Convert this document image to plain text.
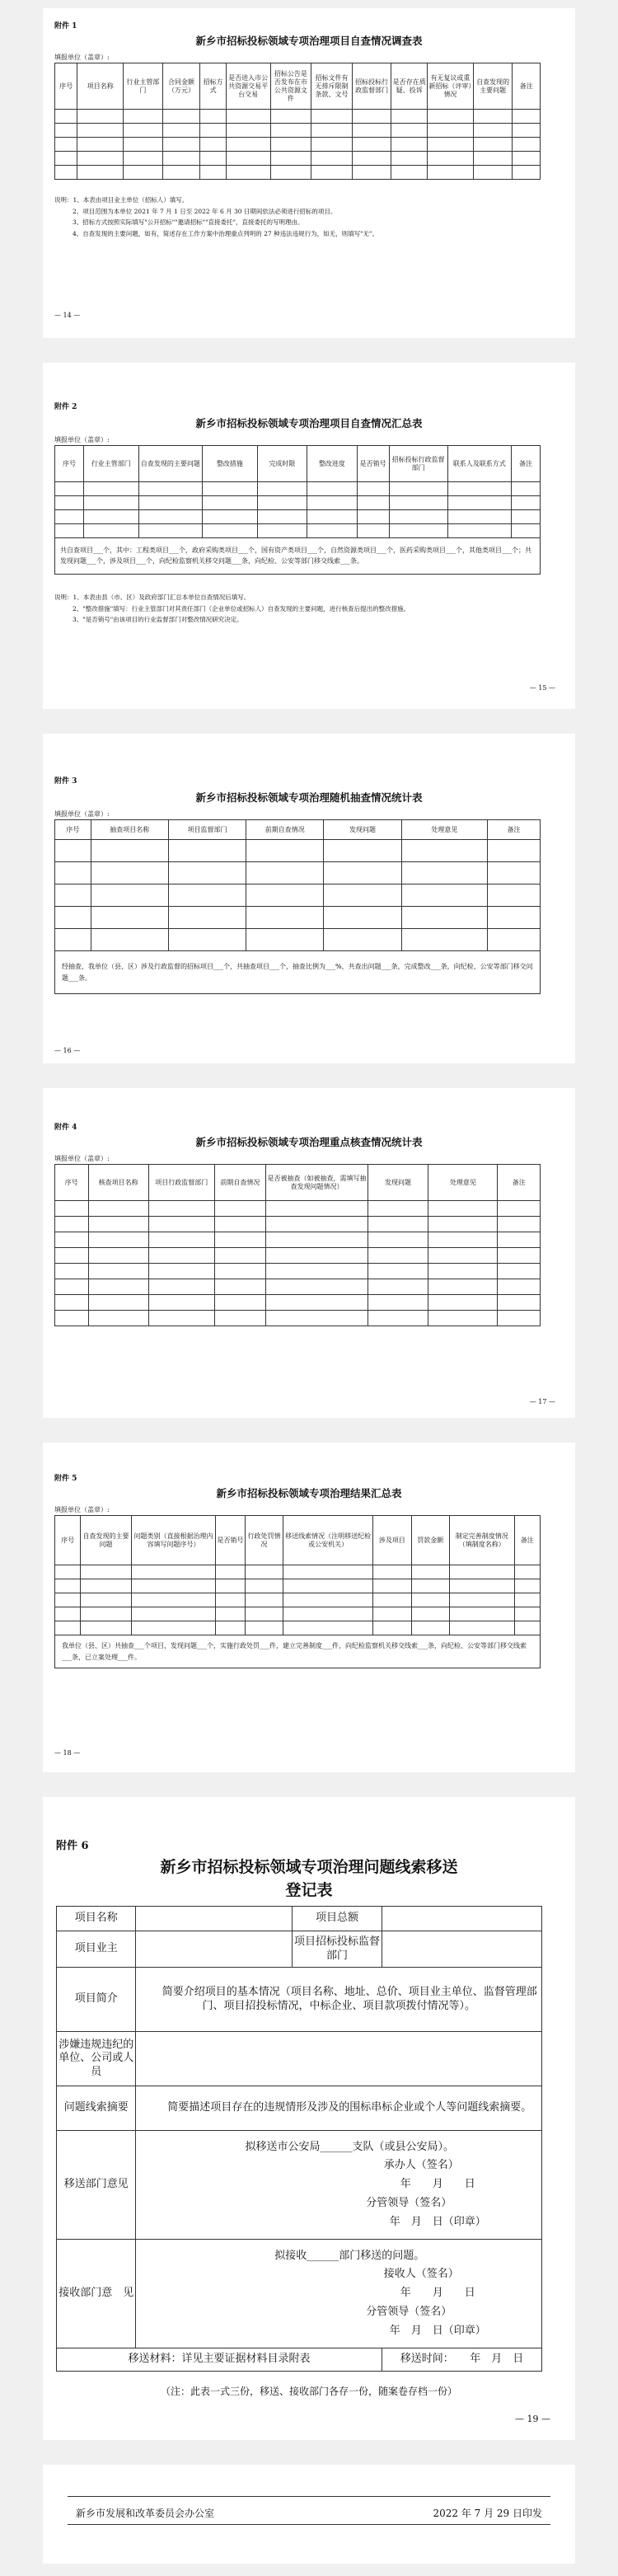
附件 1
新乡市招标投标领域专项治理项目自查情况调查表
填报单位（盖章）:
序号	项目名称	行业主管部门	合同金额（万元）	招标方式	是否进入市公共资源交易平台交易	招标公告是否发布在市公共资源文件	招标文件有无排斥限制条款、文号	招标投标行政监督部门	是否存在质疑、投诉	有无复议或重新招标（评审）情况	自查发现的主要问题	备注

说明：1、本表由项目业主单位（招标人）填写。
2、项目范围为本单位 2021 年 7 月 1 日至 2022 年 6 月 30 日期间依法必须进行招标的项目。
3、招标方式按照实际填写"公开招标""邀请招标""直接委托"，直接委托的写明理由。
4、自查发现的主要问题，如有，简述存在工作方案中治理重点列明的 27 种违法违规行为，如无，则填写"无"。
— 14 —
附件 2
新乡市招标投标领域专项治理项目自查情况汇总表
填报单位（盖章）:
序号	行业主管部门	自查发现的主要问题	整改措施	完成时限	整改进度	是否销号	招标投标行政监督部门	联系人及联系方式	备注

共自查项目___个，其中：工程类项目___个，政府采购类项目___个，国有资产类项目___个，自然资源类项目___个，医药采购类项目___个，其他类项目___个；共发现问题___个，涉及项目___个，向纪检监察机关移交问题___条，向纪检、公安等部门移交线索___条。									
说明：1、本表由县（市、区）及政府部门汇总本单位自查情况后填写。
2、"整改措施"填写：行业主管部门对其责任部门（企业单位或招标人）自查发现的主要问题，进行核查后提出的整改措施。
3、"是否销号"由该项目的行业监督部门对整改情况研究决定。
— 15 —
附件 3
新乡市招标投标领域专项治理随机抽查情况统计表
填报单位（盖章）:
序号	抽查项目名称	项目监督部门	前期自查情况	发现问题	处理意见	备注

经抽查，我单位（县、区）涉及行政监督的招标项目___个，共抽查项目___个，抽查比例为___%，共查出问题___条，完成整改___条，向纪检、公安等部门移交问题___条。						
— 16 —
附件 4
新乡市招标投标领域专项治理重点核查情况统计表
填报单位（盖章）:
序号	核查项目名称	项目行政监督部门	前期自查情况	是否被抽查（如被抽查，需填写抽查发现问题情况）	发现问题	处理意见	备注

— 17 —
附件 5
新乡市招标投标领域专项治理结果汇总表
填报单位（盖章）:
序号	自查发现的主要问题	问题类别（直接根据治理内容填写问题序号）	是否销号	行政处罚情况	移送线索情况（注明移送纪检或公安机关）	涉及项目	罚款金额	制定完善制度情况（填制度名称）	备注

我单位（县、区）共抽查___个项目，发现问题___个，实施行政处罚___件，建立完善制度___件，向纪检监察机关移交线索___条，向纪检、公安等部门移交线索___条，已立案处理___件。									
— 18 —
附件 6
新乡市招标投标领域专项治理问题线索移送
登记表
项目名称		项目总额	
项目业主		项目招标投标监督部门	
项目简介	简要介绍项目的基本情况（项目名称、地址、总价、项目业主单位、监督管理部门、项目招投标情况，中标企业、项目款项拨付情况等）。		
涉嫌违规违纪的单位、公司或人员			
问题线索摘要	简要描述项目存在的违规情形及涉及的围标串标企业或个人等问题线索摘要。		
移送部门意见	拟移送市公安局______支队（或县公安局）。
承办人（签名）
年　　月　　日
分管领导（签名）
年　月　日（印章）		

接收部门意　见	拟接收______部门移送的问题。
接收人（签名）
年　　月　　日
分管领导（签名）
年　月　日（印章）		

移送材料：详见主要证据材料目录附表			移送时间：　　年　月　日
（注：此表一式三份，移送、接收部门各存一份，随案卷存档一份）
— 19 —
新乡市发展和改革委员会办公室	2022 年 7 月 29 日印发
